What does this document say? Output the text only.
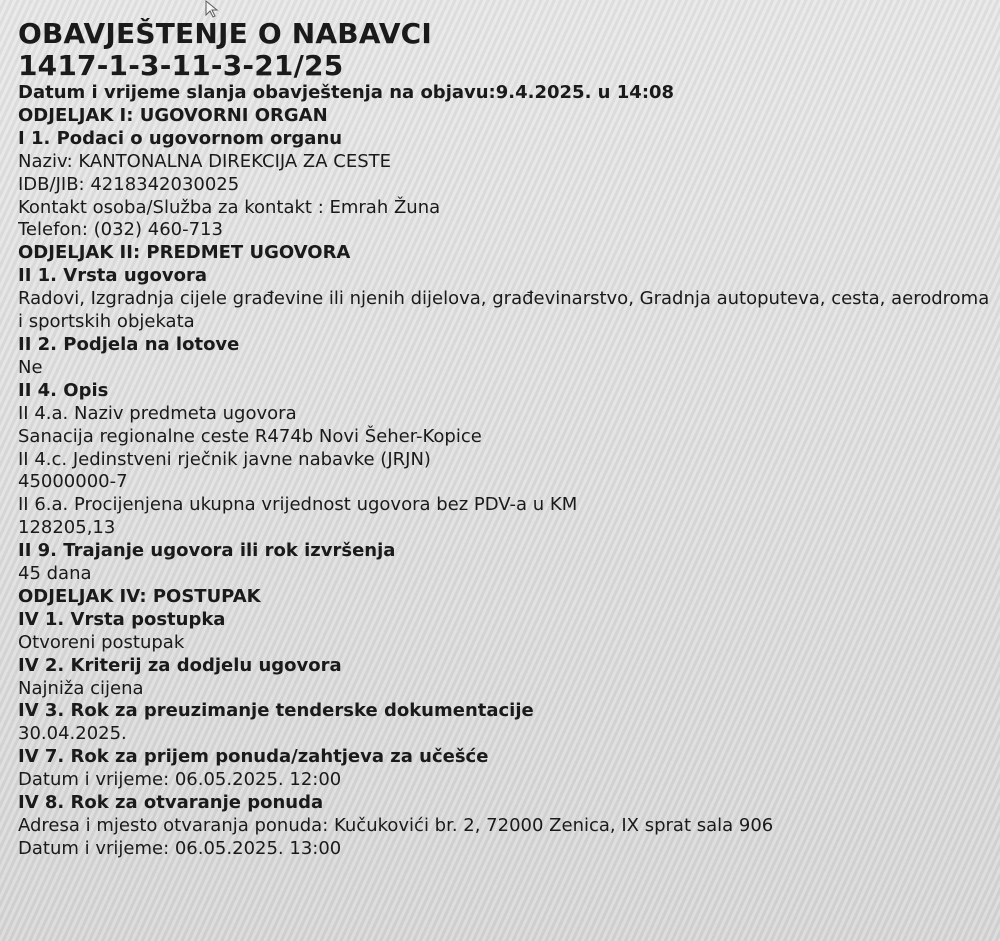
OBAVJEŠTENJE O NABAVCI
1417-1-3-11-3-21/25
Datum i vrijeme slanja obavještenja na objavu:9.4.2025. u 14:08
ODJELJAK I: UGOVORNI ORGAN
I 1. Podaci o ugovornom organu
Naziv: KANTONALNA DIREKCIJA ZA CESTE
IDB/JIB: 4218342030025
Kontakt osoba/Služba za kontakt : Emrah Žuna
Telefon: (032) 460-713
ODJELJAK II: PREDMET UGOVORA
II 1. Vrsta ugovora
Radovi, Izgradnja cijele građevine ili njenih dijelova, građevinarstvo, Gradnja autoputeva, cesta, aerodroma i sportskih objekata
II 2. Podjela na lotove
Ne
II 4. Opis
II 4.a. Naziv predmeta ugovora
Sanacija regionalne ceste R474b Novi Šeher-Kopice
II 4.c. Jedinstveni rječnik javne nabavke (JRJN)
45000000-7
II 6.a. Procijenjena ukupna vrijednost ugovora bez PDV-a u KM
128205,13
II 9. Trajanje ugovora ili rok izvršenja
45 dana
ODJELJAK IV: POSTUPAK
IV 1. Vrsta postupka
Otvoreni postupak
IV 2. Kriterij za dodjelu ugovora
Najniža cijena
IV 3. Rok za preuzimanje tenderske dokumentacije
30.04.2025.
IV 7. Rok za prijem ponuda/zahtjeva za učešće
Datum i vrijeme: 06.05.2025. 12:00
IV 8. Rok za otvaranje ponuda
Adresa i mjesto otvaranja ponuda: Kučukovići br. 2, 72000 Zenica, IX sprat sala 906
Datum i vrijeme: 06.05.2025. 13:00
